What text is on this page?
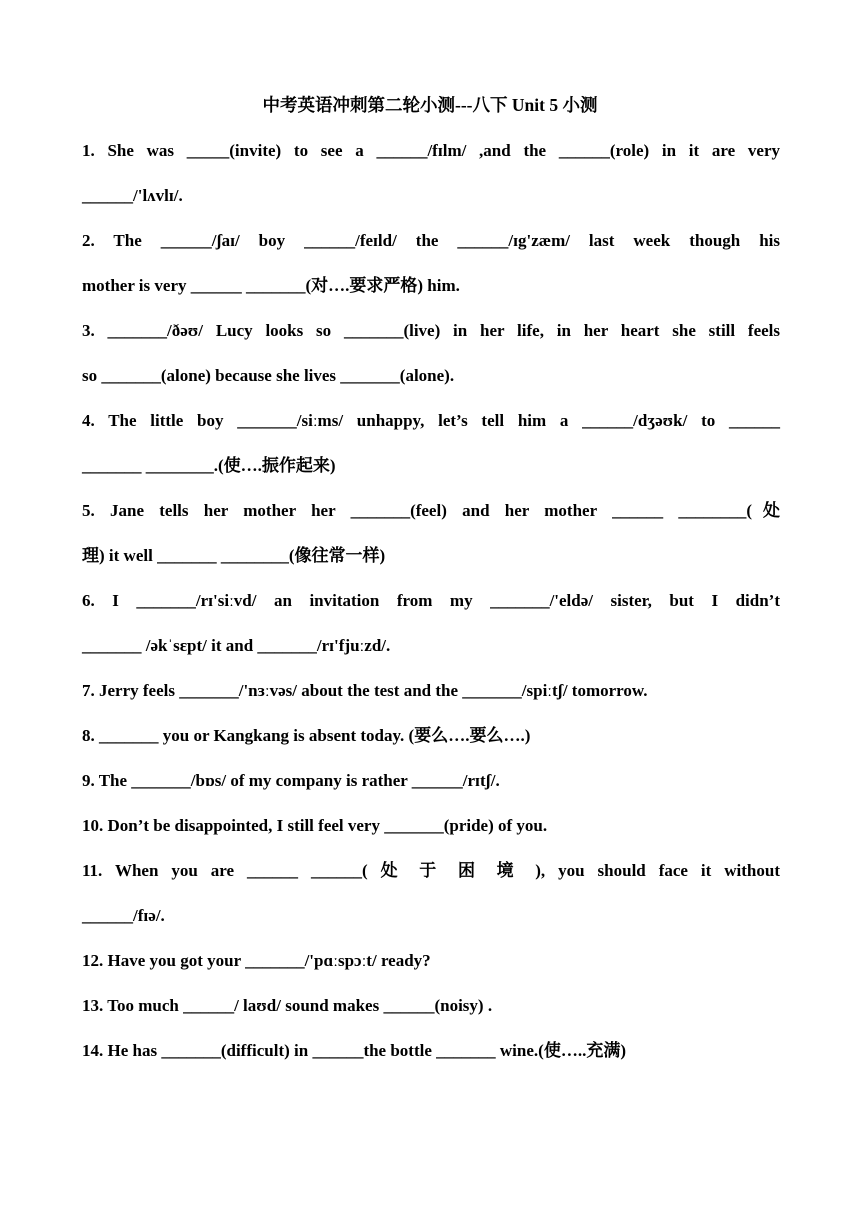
中考英语冲刺第二轮小测---八下 Unit 5 小测
1. She was _____(invite) to see a ______/fɪlm/ ,and the ______(role) in it are very
______/'lʌvlɪ/.
2. The ______/ʃaɪ/ boy ______/feɪld/ the ______/ɪg'zæm/ last week though his
mother is very ______ _______(对….要求严格) him.
3. _______/ðəʊ/ Lucy looks so _______(live) in her life, in her heart she still feels
so _______(alone) because she lives _______(alone).
4. The little boy _______/siːms/ unhappy, let’s tell him a ______/dʒəʊk/ to ______
_______ ________.(使….振作起来)
5. Jane tells her mother her _______(feel) and her mother ______ ________(处
理) it well _______ ________(像往常一样)
6. I _______/rɪ'siːvd/ an invitation from my _______/'eldə/ sister, but I didn’t
_______ /əkˈsɛpt/ it and _______/rɪ'fjuːzd/.
7. Jerry feels _______/'nɜːvəs/ about the test and the _______/spiːtʃ/ tomorrow.
8. _______ you or Kangkang is absent today. (要么….要么….)
9. The _______/bɒs/ of my company is rather ______/rɪtʃ/.
10. Don’t be disappointed, I still feel very _______(pride) of you.
11. When you are ______ ______( 处 于 困 境 ), you should face it without
______/fɪə/.
12. Have you got your _______/'pɑːspɔːt/ ready?
13. Too much ______/ laʊd/ sound makes ______(noisy) .
14. He has _______(difficult) in ______the bottle _______ wine.(使…..充满)
